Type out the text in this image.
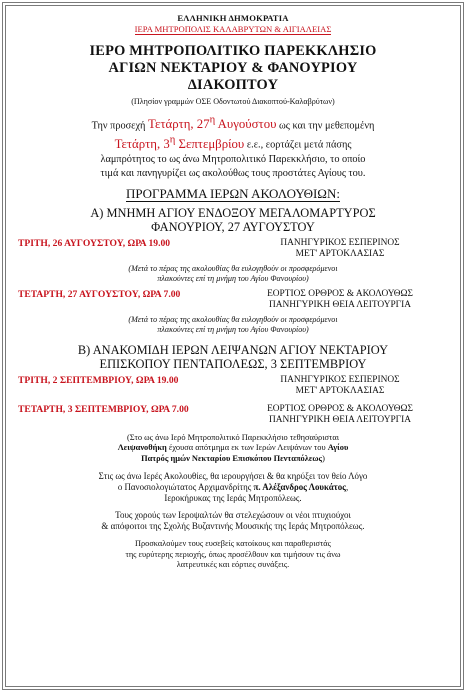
ΕΛΛΗΝΙΚΗ ΔΗΜΟΚΡΑΤΙΑ
ΙΕΡΑ ΜΗΤΡΟΠΟΛΙΣ ΚΑΛΑΒΡΥΤΩΝ & ΑΙΓΙΑΛΕΙΑΣ
ΙΕΡΟ ΜΗΤΡΟΠΟΛΙΤΙΚΟ ΠΑΡΕΚΚΛΗΣΙΟ
ΑΓΙΩΝ ΝΕΚΤΑΡΙΟΥ & ΦΑΝΟΥΡΙΟΥ
ΔΙΑΚΟΠΤΟΥ
(Πλησίον γραμμών ΟΣΕ Οδοντωτού Διακοπτού-Καλαβρύτων)
Την προσεχή Τετάρτη, $27^\eta$ Αυγούστου ως και την μεθεπομένη
Τετάρτη, $3^\eta$ Σεπτεμβρίου ε.ε., εορτάζει μετά πάσης
λαμπρότητος το ως άνω Μητροπολιτικό Παρεκκλήσιο, το οποίο
τιμά και πανηγυρίζει ως ακολούθως τους προστάτες Αγίους του.
ΠΡΟΓΡΑΜΜΑ ΙΕΡΩΝ ΑΚΟΛΟΥΘΙΩΝ:
Α) ΜΝΗΜΗ ΑΓΙΟΥ ΕΝΔΟΞΟΥ ΜΕΓΑΛΟΜΑΡΤΥΡΟΣ
ΦΑΝΟΥΡΙΟΥ, 27 ΑΥΓΟΥΣΤΟΥ
ΤΡΙΤΗ, 26 ΑΥΓΟΥΣΤΟΥ, ΩΡΑ 19.00	ΠΑΝΗΓΥΡΙΚΟΣ ΕΣΠΕΡΙΝΟΣ
ΜΕΤ' ΑΡΤΟΚΛΑΣΙΑΣ
(Μετά το πέρας της ακολουθίας θα ευλογηθούν οι προσφερόμενοι
πλακούντες επί τη μνήμη του Αγίου Φανουρίου)
ΤΕΤΑΡΤΗ, 27 ΑΥΓΟΥΣΤΟΥ, ΩΡΑ 7.00	ΕΟΡΤΙΟΣ ΟΡΘΡΟΣ & ΑΚΟΛΟΥΘΩΣ
ΠΑΝΗΓΥΡΙΚΗ ΘΕΙΑ ΛΕΙΤΟΥΡΓΙΑ
(Μετά το πέρας της ακολουθίας θα ευλογηθούν οι προσφερόμενοι
πλακούντες επί τη μνήμη του Αγίου Φανουρίου)
Β) ΑΝΑΚΟΜΙΔΗ ΙΕΡΩΝ ΛΕΙΨΑΝΩΝ ΑΓΙΟΥ ΝΕΚΤΑΡΙΟΥ
ΕΠΙΣΚΟΠΟΥ ΠΕΝΤΑΠΟΛΕΩΣ, 3 ΣΕΠΤΕΜΒΡΙΟΥ
ΤΡΙΤΗ, 2 ΣΕΠΤΕΜΒΡΙΟΥ, ΩΡΑ 19.00	ΠΑΝΗΓΥΡΙΚΟΣ ΕΣΠΕΡΙΝΟΣ
ΜΕΤ' ΑΡΤΟΚΛΑΣΙΑΣ
ΤΕΤΑΡΤΗ, 3 ΣΕΠΤΕΜΒΡΙΟΥ, ΩΡΑ 7.00	ΕΟΡΤΙΟΣ ΟΡΘΡΟΣ & ΑΚΟΛΟΥΘΩΣ
ΠΑΝΗΓΥΡΙΚΗ ΘΕΙΑ ΛΕΙΤΟΥΡΓΙΑ
(Στο ως άνω Ιερό Μητροπολιτικό Παρεκκλήσιο τεθησαύρισται
Λειψανοθήκη έχουσα απότμημα εκ των Ιερών Λειψάνων του Αγίου
Πατρός ημών Νεκταρίου Επισκόπου Πενταπόλεως)
Στις ως άνω Ιερές Ακολουθίες, θα ιερουργήσει & θα κηρύξει τον θείο Λόγο
ο Πανοσιολογιώτατος Αρχιμανδρίτης π. Αλέξανδρος Λουκάτος,
Ιεροκήρυκας της Ιεράς Μητροπόλεως.
Τους χορούς των Ιεροψαλτών θα στελεχώσουν οι νέοι πτυχιούχοι
& απόφοιτοι της Σχολής Βυζαντινής Μουσικής της Ιεράς Μητροπόλεως.
Προσκαλούμεν τους ευσεβείς κατοίκους και παραθεριστάς
της ευρύτερης περιοχής, όπως προσέλθουν και τιμήσουν τις άνω
λατρευτικές και εόρτιες συνάξεις.
